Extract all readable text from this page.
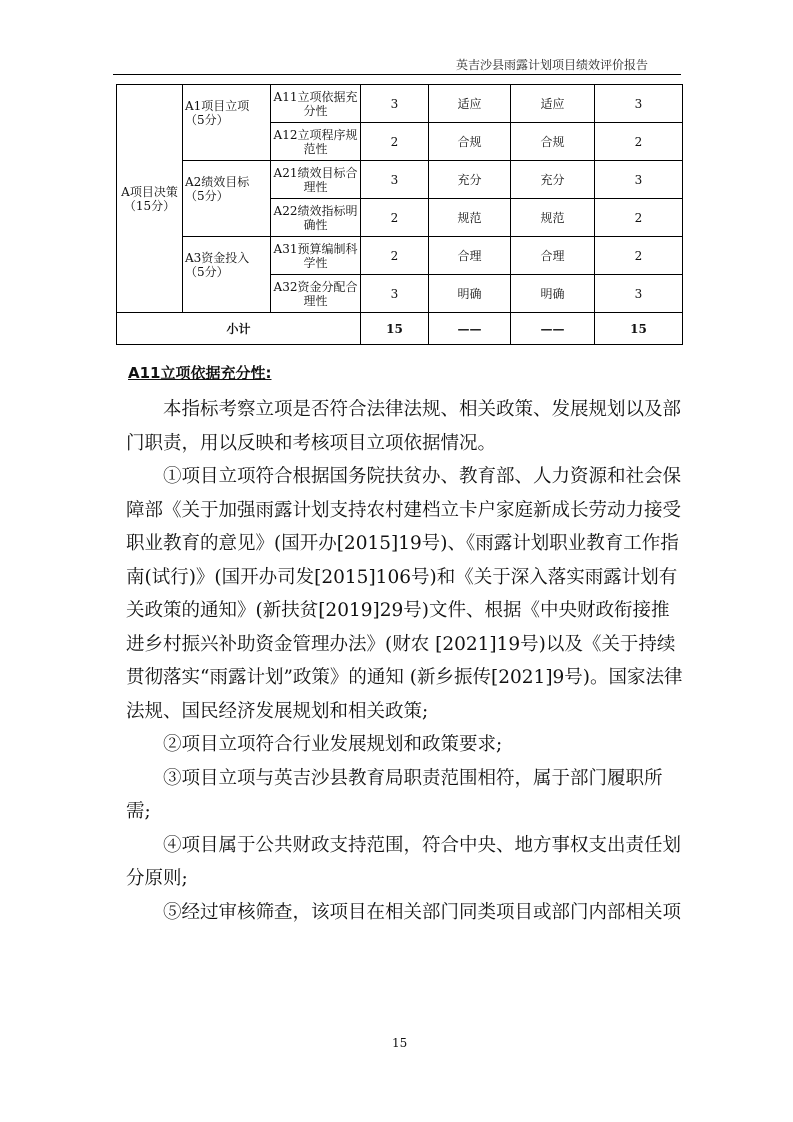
英吉沙县雨露计划项目绩效评价报告
A项目决策（15分）	A1项目立项（5分）	A11立项依据充分性	3	适应	适应	3
		A12立项程序规范性	2	合规	合规	2
	A2绩效目标（5分）	A21绩效目标合理性	3	充分	充分	3
		A22绩效指标明确性	2	规范	规范	2
	A3资金投入（5分）	A31预算编制科学性	2	合理	合理	2
		A32资金分配合理性	3	明确	明确	3
小计			15	——	——	15
A11立项依据充分性:

本指标考察立项是否符合法律法规、相关政策、发展规划以及部门职责，用以反映和考核项目立项依据情况。

①项目立项符合根据国务院扶贫办、教育部、人力资源和社会保障部《关于加强雨露计划支持农村建档立卡户家庭新成长劳动力接受职业教育的意见》(国开办[2015]19号)、《雨露计划职业教育工作指南(试行)》(国开办司发[2015]106号)和《关于深入落实雨露计划有关政策的通知》(新扶贫[2019]29号)文件、根据《中央财政衔接推进乡村振兴补助资金管理办法》(财农 [2021]19号)以及《关于持续贯彻落实“雨露计划”政策》的通知 (新乡振传[2021]9号)。国家法律法规、国民经济发展规划和相关政策;

②项目立项符合行业发展规划和政策要求;

③项目立项与英吉沙县教育局职责范围相符，属于部门履职所需;

④项目属于公共财政支持范围，符合中央、地方事权支出责任划分原则;

⑤经过审核筛查，该项目在相关部门同类项目或部门内部相关项

15
